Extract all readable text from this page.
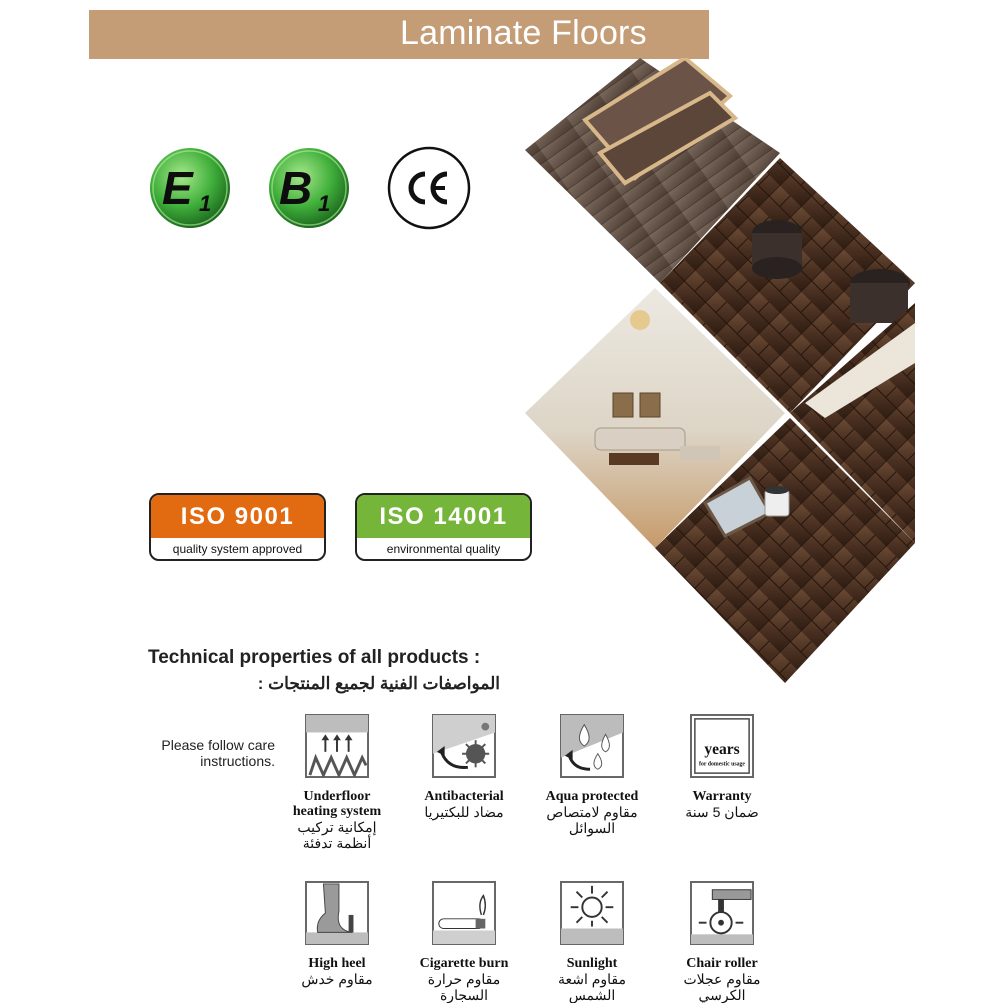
Laminate Floors
E 1 B 1
ISO 9001
quality system approved
ISO 14001
environmental quality
Technical properties of all products :
المواصفات الفنية لجميع المنتجات :
Please follow care instructions.
Underfloor heating system
إمكانية تركيب أنظمة تدفئة
Antibacterial
مضاد للبكتيريا
Aqua protected
مقاوم لامتصاص السوائل
years
for domestic usage
Warranty
ضمان 5 سنة
High heel
مقاوم خدش
Cigarette burn
مقاوم حرارة السجارة
Sunlight
مقاوم اشعة الشمس
Chair roller
مقاوم عجلات الكرسي
